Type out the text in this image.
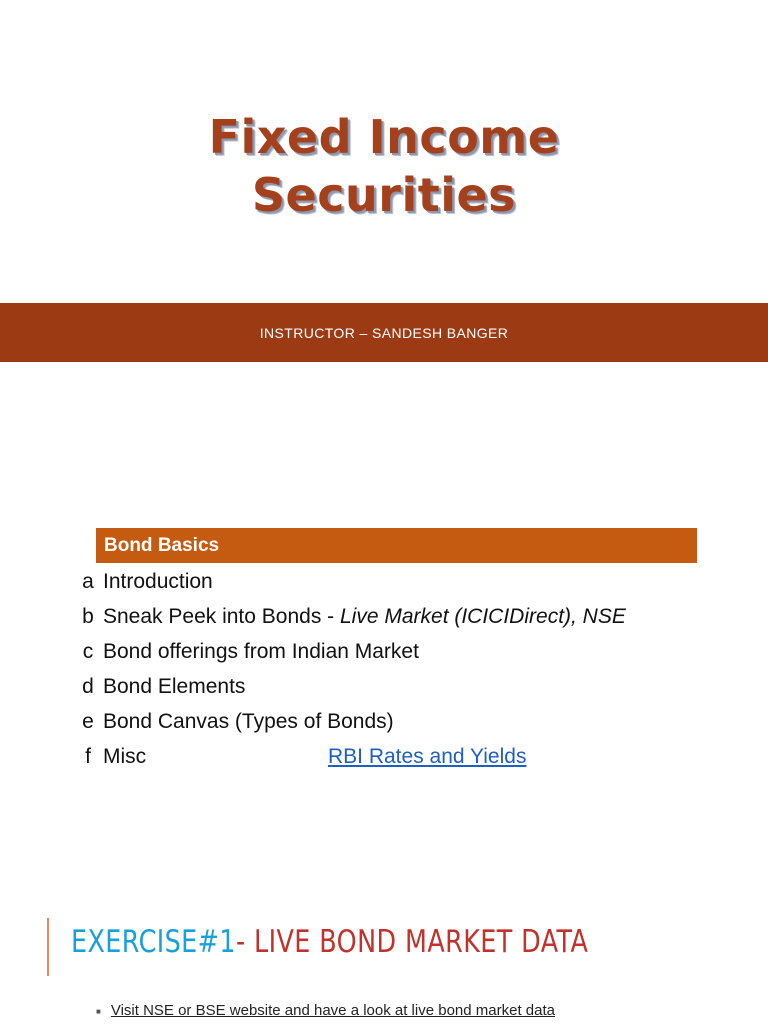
Fixed Income
Securities
INSTRUCTOR – SANDESH BANGER
Bond Basics
a Introduction
b Sneak Peek into Bonds - Live Market (ICICIDirect), NSE
c Bond offerings from Indian Market
d Bond Elements
e Bond Canvas (Types of Bonds)
f Misc	RBI Rates and Yields
EXERCISE#1- LIVE BOND MARKET DATA
■ Visit NSE or BSE website and have a look at live bond market data
